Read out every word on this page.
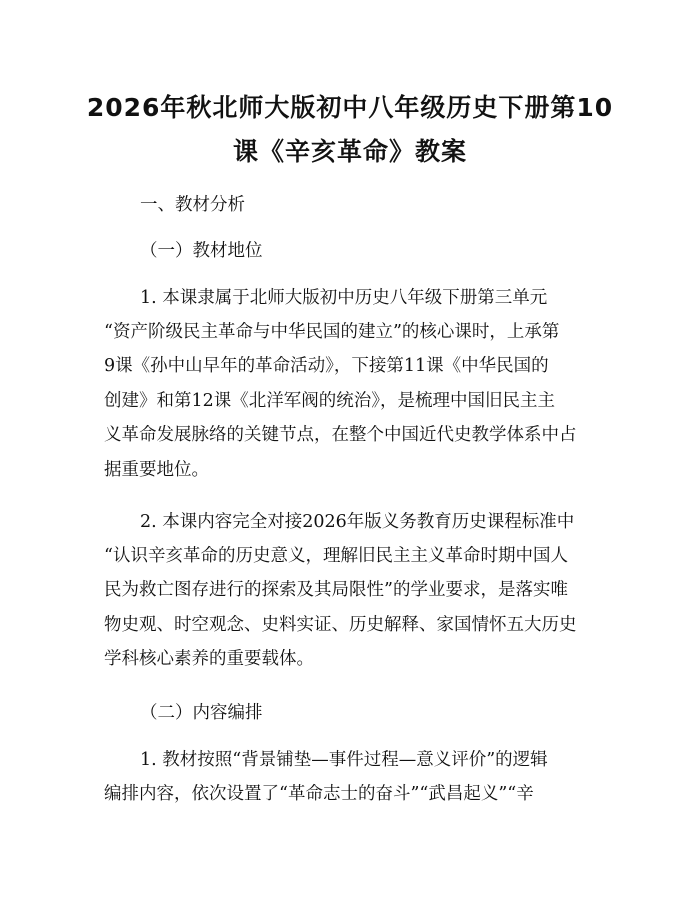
2026年秋北师大版初中八年级历史下册第10
课《辛亥革命》教案
一、教材分析
（一）教材地位
1. 本课隶属于北师大版初中历史八年级下册第三单元
“资产阶级民主革命与中华民国的建立”的核心课时，上承第
9课《孙中山早年的革命活动》，下接第11课《中华民国的
创建》和第12课《北洋军阀的统治》，是梳理中国旧民主主
义革命发展脉络的关键节点，在整个中国近代史教学体系中占
据重要地位。
2. 本课内容完全对接2026年版义务教育历史课程标准中
“认识辛亥革命的历史意义，理解旧民主主义革命时期中国人
民为救亡图存进行的探索及其局限性”的学业要求，是落实唯
物史观、时空观念、史料实证、历史解释、家国情怀五大历史
学科核心素养的重要载体。
（二）内容编排
1. 教材按照“背景铺垫—事件过程—意义评价”的逻辑
编排内容，依次设置了“革命志士的奋斗”“武昌起义”“辛
